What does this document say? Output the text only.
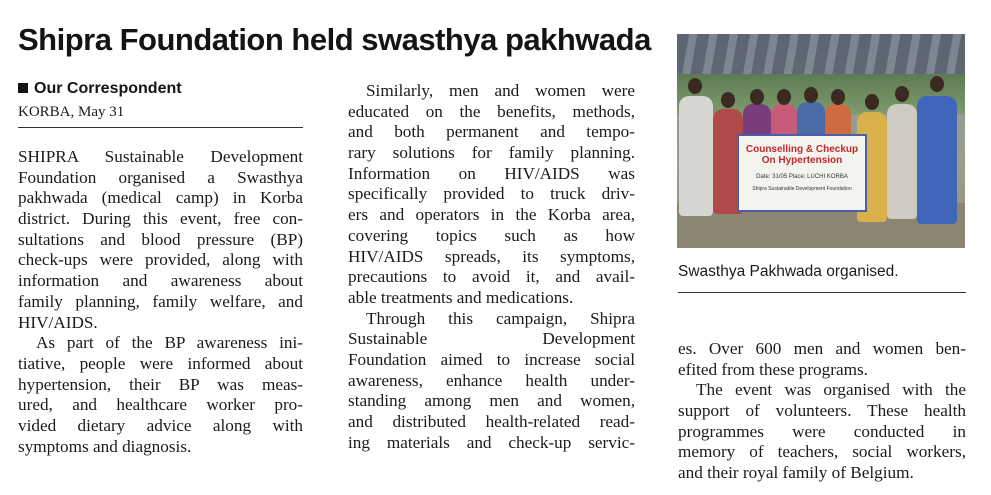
Shipra Foundation held swasthya pakhwada
Our Correspondent
KORBA, May 31
SHIPRA Sustainable Development
Foundation organised a Swasthya
pakhwada (medical camp) in Korba
district. During this event, free con-
sultations and blood pressure (BP)
check-ups were provided, along with
information and awareness about
family planning, family welfare, and
HIV/AIDS.
As part of the BP awareness ini-
tiative, people were informed about
hypertension, their BP was meas-
ured, and healthcare worker pro-
vided dietary advice along with
symptoms and diagnosis.
Similarly, men and women were
educated on the benefits, methods,
and both permanent and tempo-
rary solutions for family planning.
Information on HIV/AIDS was
specifically provided to truck driv-
ers and operators in the Korba area,
covering topics such as how
HIV/AIDS spreads, its symptoms,
precautions to avoid it, and avail-
able treatments and medications.
Through this campaign, Shipra
Sustainable Development
Foundation aimed to increase social
awareness, enhance health under-
standing among men and women,
and distributed health-related read-
ing materials and check-up servic-
Counselling & Checkup On Hypertension
Date: 31/05 Place: LUCHI KORBA
Shipra Sustainable Development Foundation
Swasthya Pakhwada organised.
es. Over 600 men and women ben-
efited from these programs.
The event was organised with the
support of volunteers. These health
programmes were conducted in
memory of teachers, social workers,
and their royal family of Belgium.
